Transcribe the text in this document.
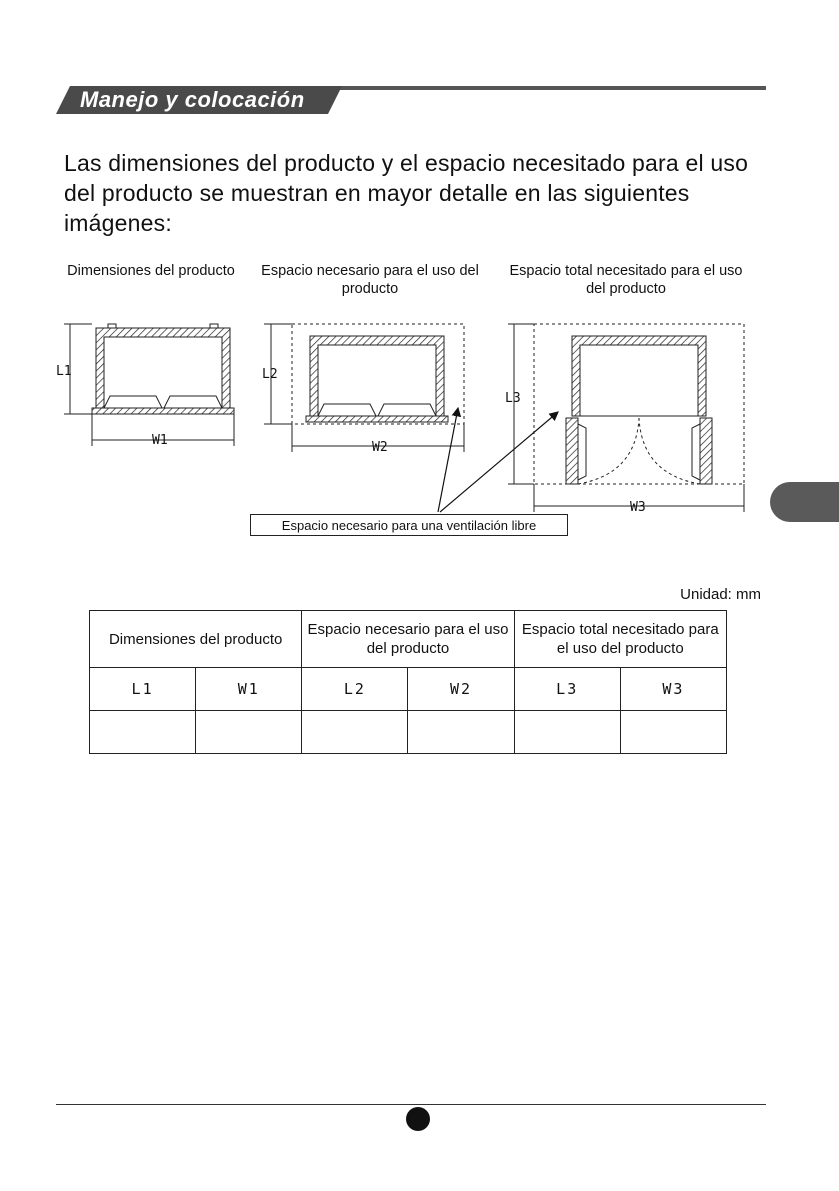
Manejo y colocación

Las dimensiones del producto y el espacio necesitado para el uso del producto se muestran en mayor detalle en las siguientes imágenes:

Dimensiones del producto	Espacio necesario para el uso del producto
Espacio total necesitado para el uso del producto
L1
W1
L2
W2
L3
W3
Espacio necesario para una ventilación libre
Unidad: mm
Dimensiones del producto		Espacio necesario para el uso del producto		Espacio total necesitado para el uso del producto	
L1	W1	L2	W2	L3	W3
